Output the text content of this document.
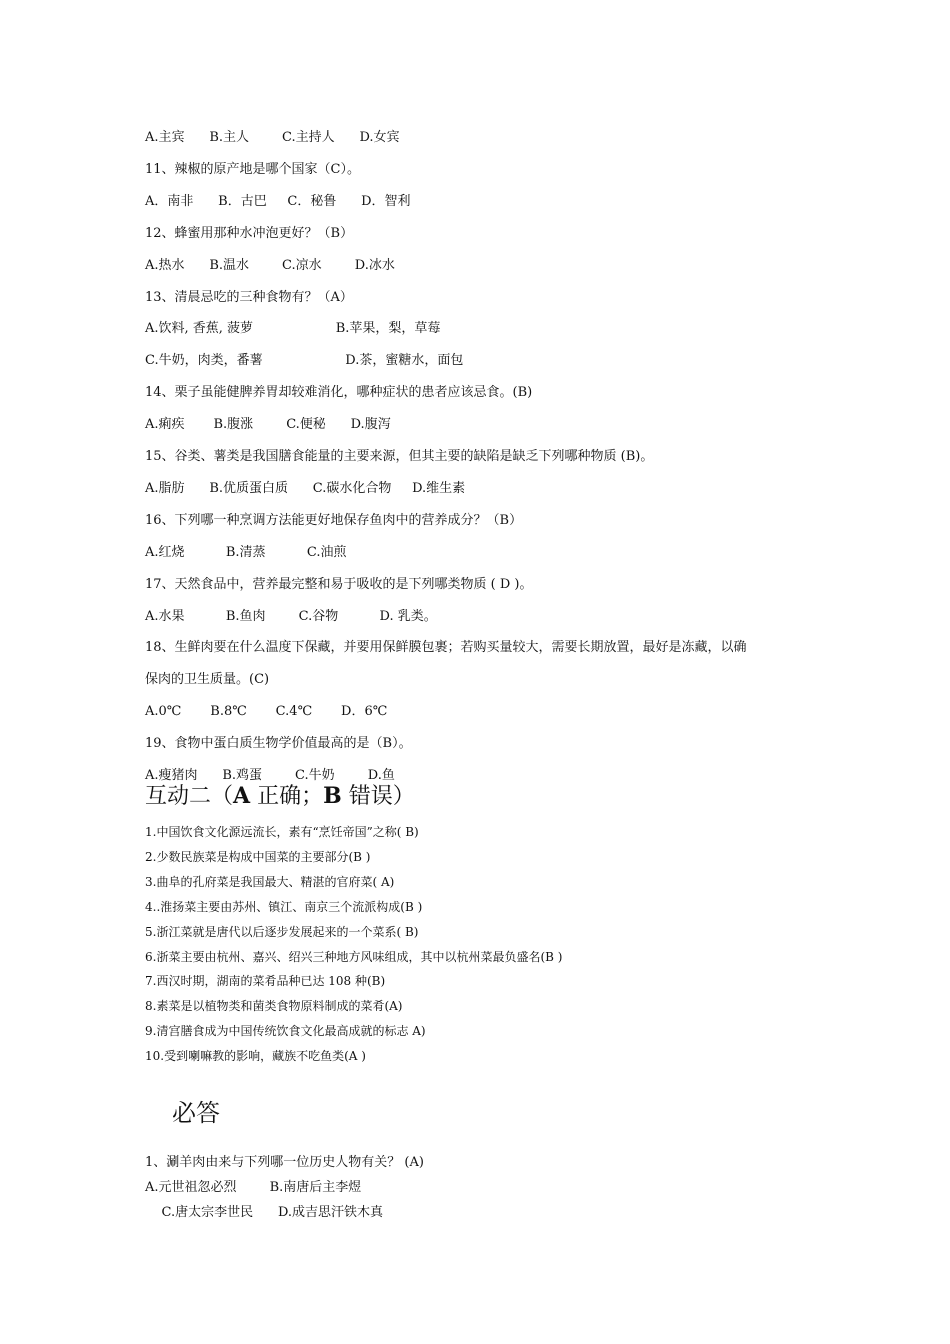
A.主宾      B.主人        C.主持人      D.女宾
11、辣椒的原产地是哪个国家（C）。
A．南非      B．古巴     C．秘鲁      D．智利
12、蜂蜜用那种水冲泡更好？（B）
A.热水      B.温水        C.凉水        D.冰水
13、清晨忌吃的三种食物有？（A）
A.饮料, 香蕉, 菠萝                    B.苹果，梨，草莓
C.牛奶，肉类，番薯                    D.茶，蜜糖水，面包
14、栗子虽能健脾养胃却较难消化，哪种症状的患者应该忌食。(B)
A.痢疾       B.腹涨        C.便秘      D.腹泻
15、谷类、薯类是我国膳食能量的主要来源，但其主要的缺陷是缺乏下列哪种物质 (B)。
A.脂肪      B.优质蛋白质      C.碳水化合物     D.维生素
16、下列哪一种烹调方法能更好地保存鱼肉中的营养成分？（B）
A.红烧          B.清蒸          C.油煎
17、天然食品中，营养最完整和易于吸收的是下列哪类物质 ( D )。
A.水果          B.鱼肉        C.谷物          D. 乳类。
18、生鲜肉要在什么温度下保藏，并要用保鲜膜包裹；若购买量较大，需要长期放置，最好是冻藏，以确
保肉的卫生质量。(C)
A.0℃       B.8℃       C.4℃       D．6℃
19、食物中蛋白质生物学价值最高的是（B）。
A.瘦猪肉      B.鸡蛋        C.牛奶        D.鱼
互动二（A 正确；B 错误）
1.中国饮食文化源远流长，素有“烹饪帝国”之称( B)
2.少数民族菜是构成中国菜的主要部分(B )
3.曲阜的孔府菜是我国最大、精湛的官府菜( A)
4..淮扬菜主要由苏州、镇江、南京三个流派构成(B )
5.浙江菜就是唐代以后逐步发展起来的一个菜系( B)
6.浙菜主要由杭州、嘉兴、绍兴三种地方风味组成，其中以杭州菜最负盛名(B )
7.西汉时期，湖南的菜肴品种已达 108 种(B)
8.素菜是以植物类和菌类食物原料制成的菜肴(A)
9.清宫膳食成为中国传统饮食文化最高成就的标志 A)
10.受到喇嘛教的影响，藏族不吃鱼类(A )
必答
1、涮羊肉由来与下列哪一位历史人物有关？ (A)
A.元世祖忽必烈        B.南唐后主李煜
C.唐太宗李世民      D.成吉思汗铁木真
